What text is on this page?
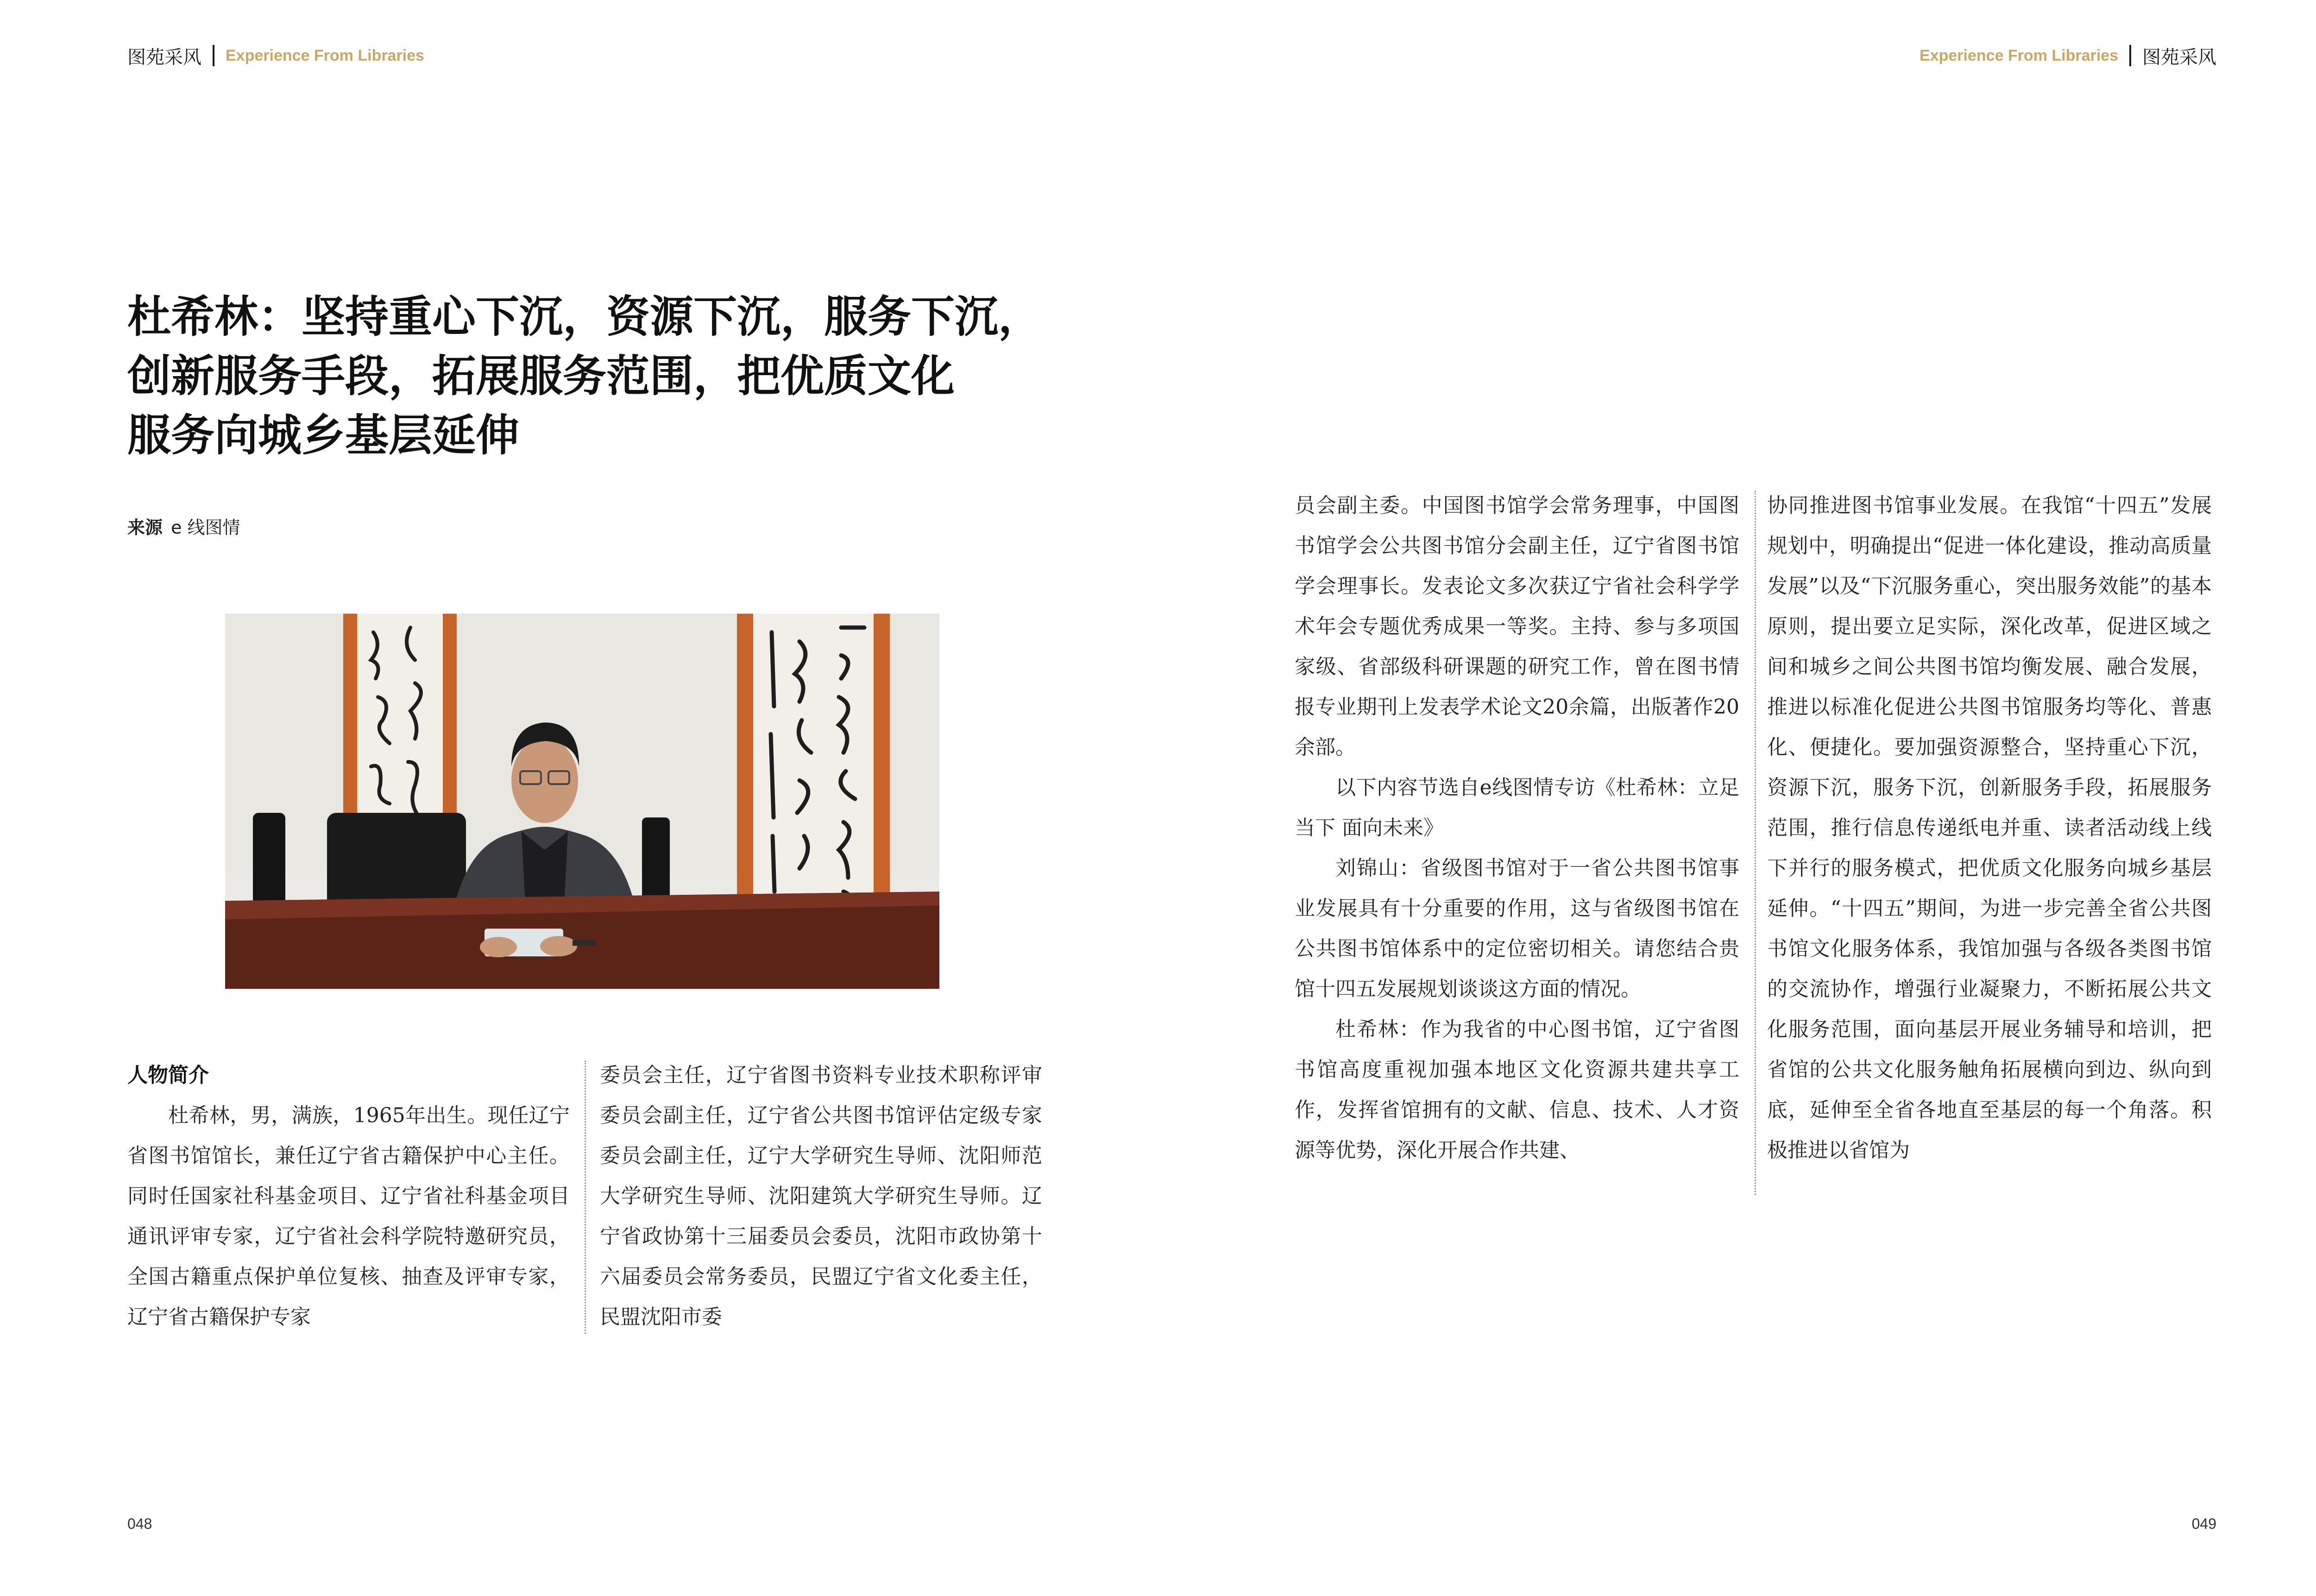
图苑采风 Experience From Libraries	Experience From Libraries 图苑采风
杜希林：坚持重心下沉，资源下沉，服务下沉，
创新服务手段，拓展服务范围，把优质文化
服务向城乡基层延伸
来源 e 线图情
人物简介
杜希林，男，满族，1965年出生。现任辽宁省图书馆馆长，兼任辽宁省古籍保护中心主任。同时任国家社科基金项目、辽宁省社科基金项目通讯评审专家，辽宁省社会科学院特邀研究员，全国古籍重点保护单位复核、抽查及评审专家，辽宁省古籍保护专家
委员会主任，辽宁省图书资料专业技术职称评审委员会副主任，辽宁省公共图书馆评估定级专家委员会副主任，辽宁大学研究生导师、沈阳师范大学研究生导师、沈阳建筑大学研究生导师。辽宁省政协第十三届委员会委员，沈阳市政协第十六届委员会常务委员，民盟辽宁省文化委主任，民盟沈阳市委
员会副主委。中国图书馆学会常务理事，中国图书馆学会公共图书馆分会副主任，辽宁省图书馆学会理事长。发表论文多次获辽宁省社会科学学术年会专题优秀成果一等奖。主持、参与多项国家级、省部级科研课题的研究工作，曾在图书情报专业期刊上发表学术论文20余篇，出版著作20余部。
以下内容节选自e线图情专访《杜希林：立足当下 面向未来》
刘锦山：省级图书馆对于一省公共图书馆事业发展具有十分重要的作用，这与省级图书馆在公共图书馆体系中的定位密切相关。请您结合贵馆十四五发展规划谈谈这方面的情况。
杜希林：作为我省的中心图书馆，辽宁省图书馆高度重视加强本地区文化资源共建共享工作，发挥省馆拥有的文献、信息、技术、人才资源等优势，深化开展合作共建、
协同推进图书馆事业发展。在我馆“十四五”发展规划中，明确提出“促进一体化建设，推动高质量发展”以及“下沉服务重心，突出服务效能”的基本原则，提出要立足实际，深化改革，促进区域之间和城乡之间公共图书馆均衡发展、融合发展，推进以标准化促进公共图书馆服务均等化、普惠化、便捷化。要加强资源整合，坚持重心下沉，资源下沉，服务下沉，创新服务手段，拓展服务范围，推行信息传递纸电并重、读者活动线上线下并行的服务模式，把优质文化服务向城乡基层延伸。“十四五”期间，为进一步完善全省公共图书馆文化服务体系，我馆加强与各级各类图书馆的交流协作，增强行业凝聚力，不断拓展公共文化服务范围，面向基层开展业务辅导和培训，把省馆的公共文化服务触角拓展横向到边、纵向到底，延伸至全省各地直至基层的每一个角落。积极推进以省馆为
048	049
